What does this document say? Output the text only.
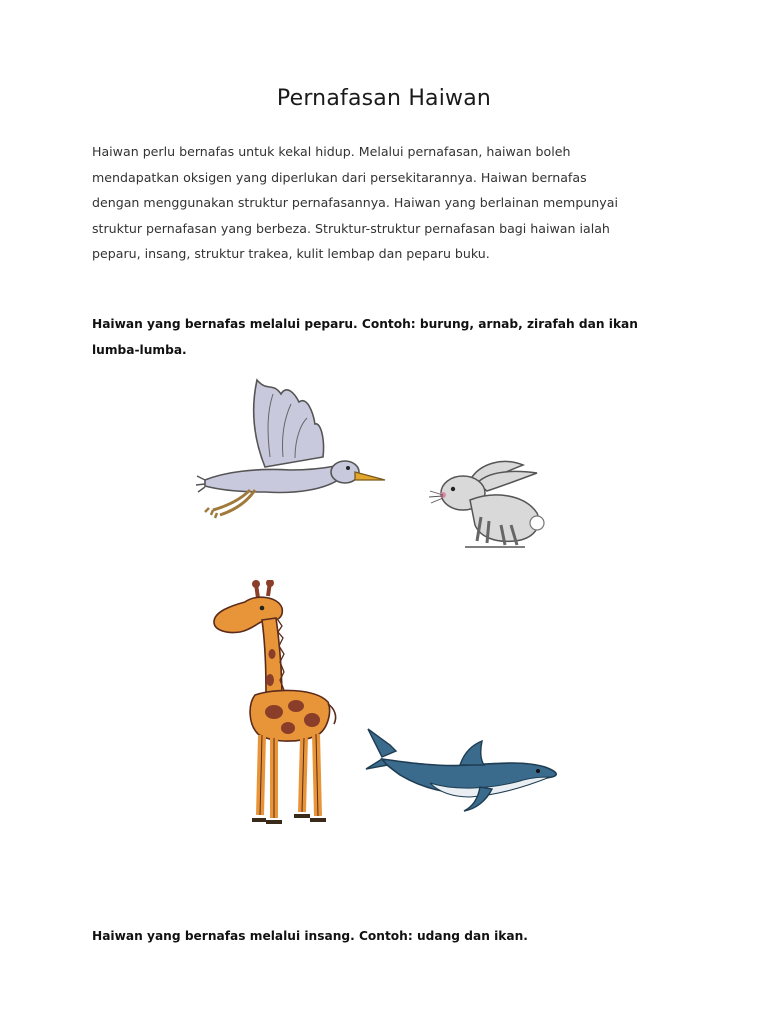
Pernafasan Haiwan
Haiwan perlu bernafas untuk kekal hidup. Melalui pernafasan, haiwan boleh
mendapatkan oksigen yang diperlukan dari persekitarannya. Haiwan bernafas
dengan menggunakan struktur pernafasannya. Haiwan yang berlainan mempunyai
struktur pernafasan yang berbeza. Struktur-struktur pernafasan bagi haiwan ialah
peparu, insang, struktur trakea, kulit lembap dan peparu buku.
Haiwan yang bernafas melalui peparu. Contoh: burung, arnab, zirafah dan ikan
lumba-lumba.
Haiwan yang bernafas melalui insang. Contoh: udang dan ikan.
